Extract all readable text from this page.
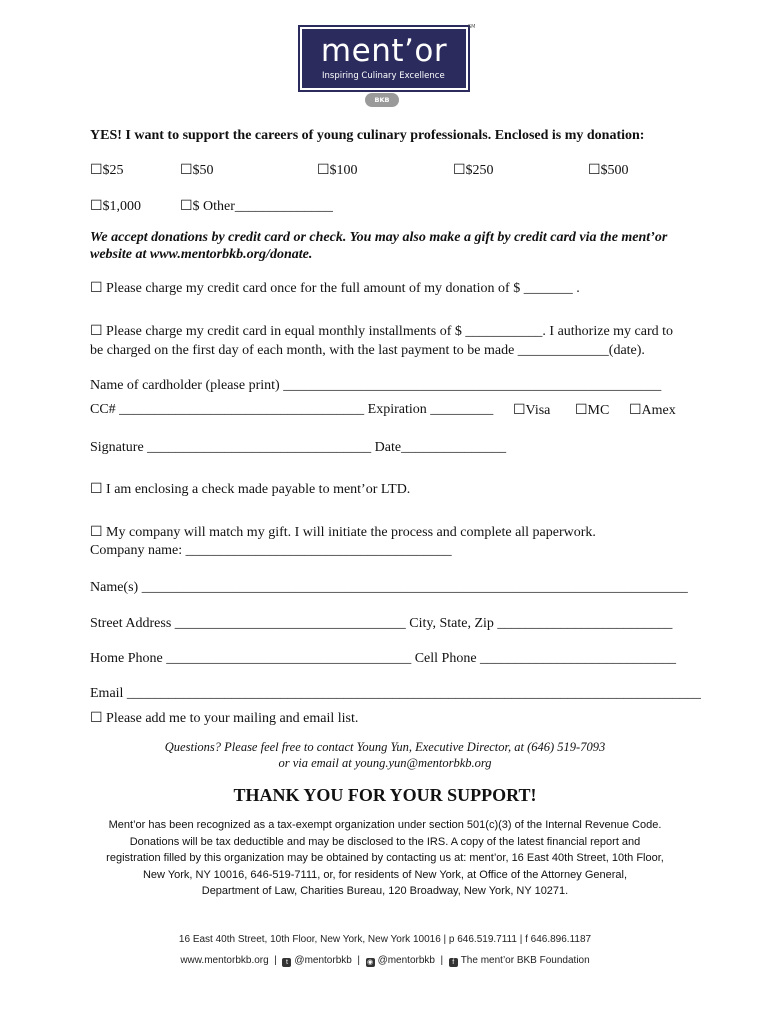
ment’or
Inspiring Culinary Excellence
SM
BKB
YES! I want to support the careers of young culinary professionals. Enclosed is my donation:
☐$25	☐$50	☐$100	☐$250	☐$500
☐$1,000	☐$ Other______________
We accept donations by credit card or check. You may also make a gift by credit card via the ment’or
website at www.mentorbkb.org/donate.
☐ Please charge my credit card once for the full amount of my donation of $ _______ .
☐ Please charge my credit card in equal monthly installments of $ ___________. I authorize my card to
be charged on the first day of each month, with the last payment to be made _____________(date).
Name of cardholder (please print) ______________________________________________________
CC# ___________________________________ Expiration _________ ☐Visa ☐MC ☐Amex
Signature ________________________________ Date_______________
☐ I am enclosing a check made payable to ment’or LTD.
☐ My company will match my gift. I will initiate the process and complete all paperwork.
Company name: ______________________________________
Name(s) ______________________________________________________________________________
Street Address _________________________________ City, State, Zip _________________________
Home Phone ___________________________________ Cell Phone ____________________________
Email __________________________________________________________________________________
☐ Please add me to your mailing and email list.
Questions? Please feel free to contact Young Yun, Executive Director, at (646) 519-7093
or via email at young.yun@mentorbkb.org
THANK YOU FOR YOUR SUPPORT!
Ment’or has been recognized as a tax-exempt organization under section 501(c)(3) of the Internal Revenue Code.
Donations will be tax deductible and may be disclosed to the IRS. A copy of the latest financial report and
registration filled by this organization may be obtained by contacting us at: ment’or, 16 East 40th Street, 10th Floor,
New York, NY 10016, 646-519-7111, or, for residents of New York, at Office of the Attorney General,
Department of Law, Charities Bureau, 120 Broadway, New York, NY 10271.
16 East 40th Street, 10th Floor, New York, New York 10016 | p 646.519.7111 | f 646.896.1187
www.mentorbkb.org | t @mentorbkb | ◉ @mentorbkb | f The ment’or BKB Foundation
